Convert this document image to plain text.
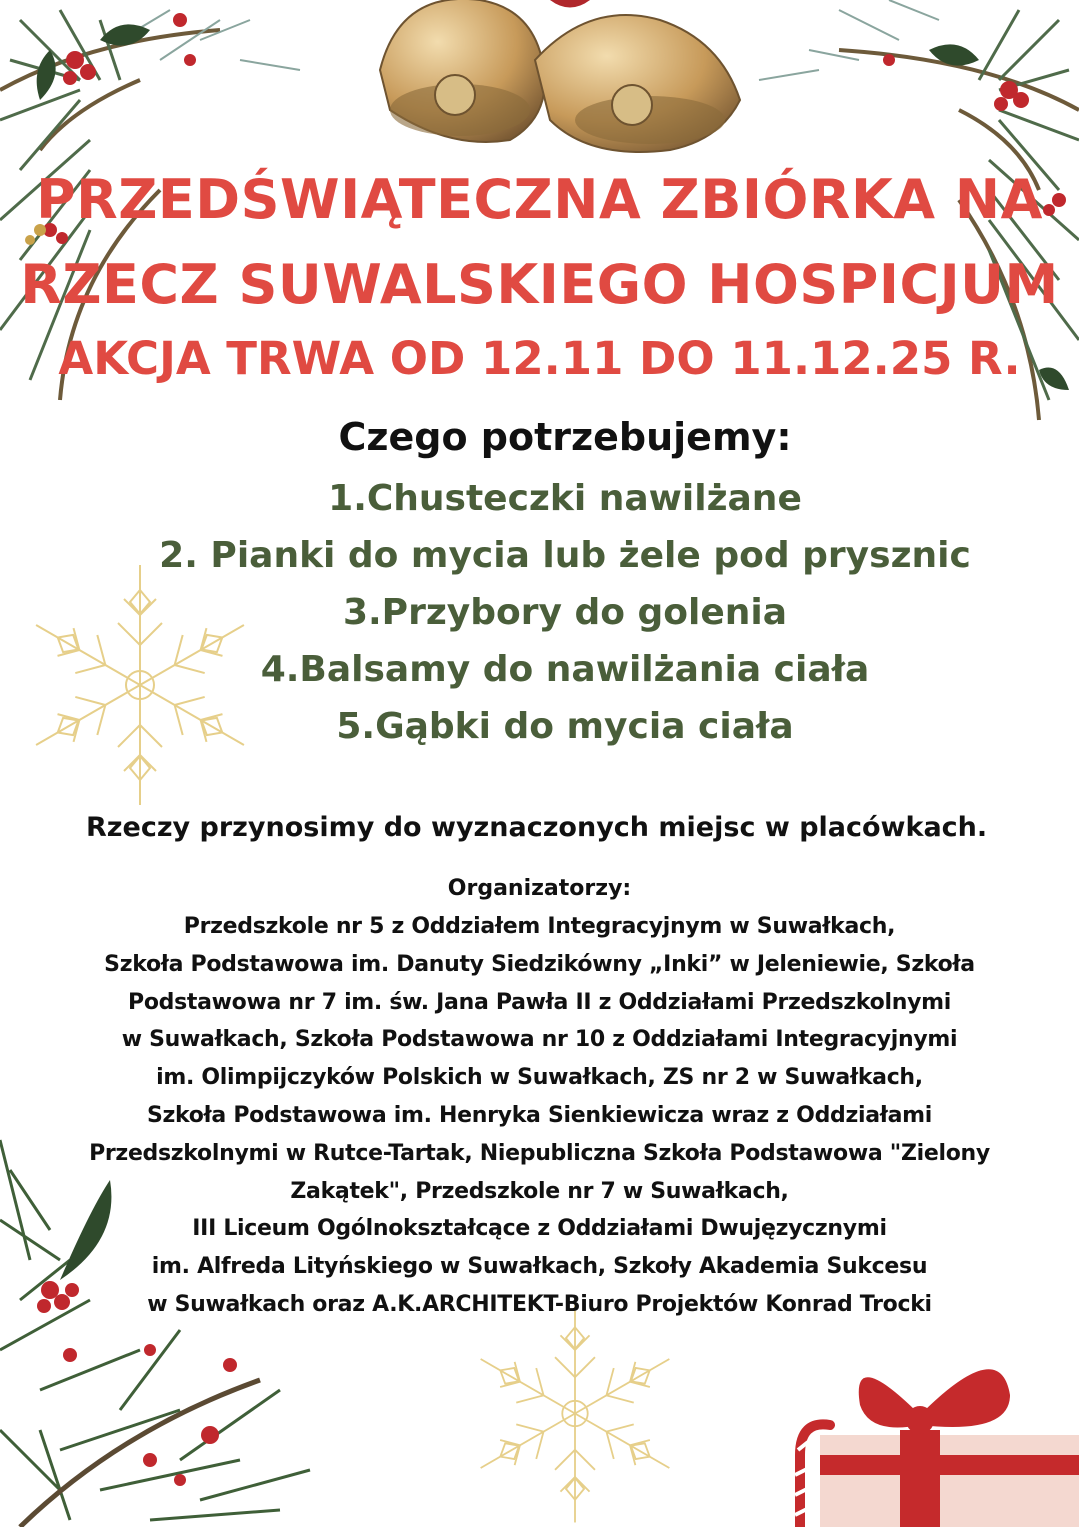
PRZEDŚWIĄTECZNA ZBIÓRKA NA
RZECZ SUWALSKIEGO HOSPICJUM
AKCJA TRWA OD 12.11 DO 11.12.25 R.
Czego potrzebujemy:
1.Chusteczki nawilżane
2. Pianki do mycia lub żele pod prysznic
3.Przybory do golenia
4.Balsamy do nawilżania ciała
5.Gąbki do mycia ciała
Rzeczy przynosimy do wyznaczonych miejsc w placówkach.
Organizatorzy:
Przedszkole nr 5 z Oddziałem Integracyjnym w Suwałkach,
Szkoła Podstawowa im. Danuty Siedzikówny „Inki” w Jeleniewie, Szkoła
Podstawowa nr 7 im. św. Jana Pawła II z Oddziałami Przedszkolnymi
w Suwałkach, Szkoła Podstawowa nr 10 z Oddziałami Integracyjnymi
im. Olimpijczyków Polskich w Suwałkach, ZS nr 2 w Suwałkach,
Szkoła Podstawowa im. Henryka Sienkiewicza wraz z Oddziałami
Przedszkolnymi w Rutce-Tartak, Niepubliczna Szkoła Podstawowa "Zielony
Zakątek", Przedszkole nr 7 w Suwałkach,
III Liceum Ogólnokształcące z Oddziałami Dwujęzycznymi
im. Alfreda Lityńskiego w Suwałkach, Szkoły Akademia Sukcesu
w Suwałkach oraz A.K.ARCHITEKT-Biuro Projektów Konrad Trocki
